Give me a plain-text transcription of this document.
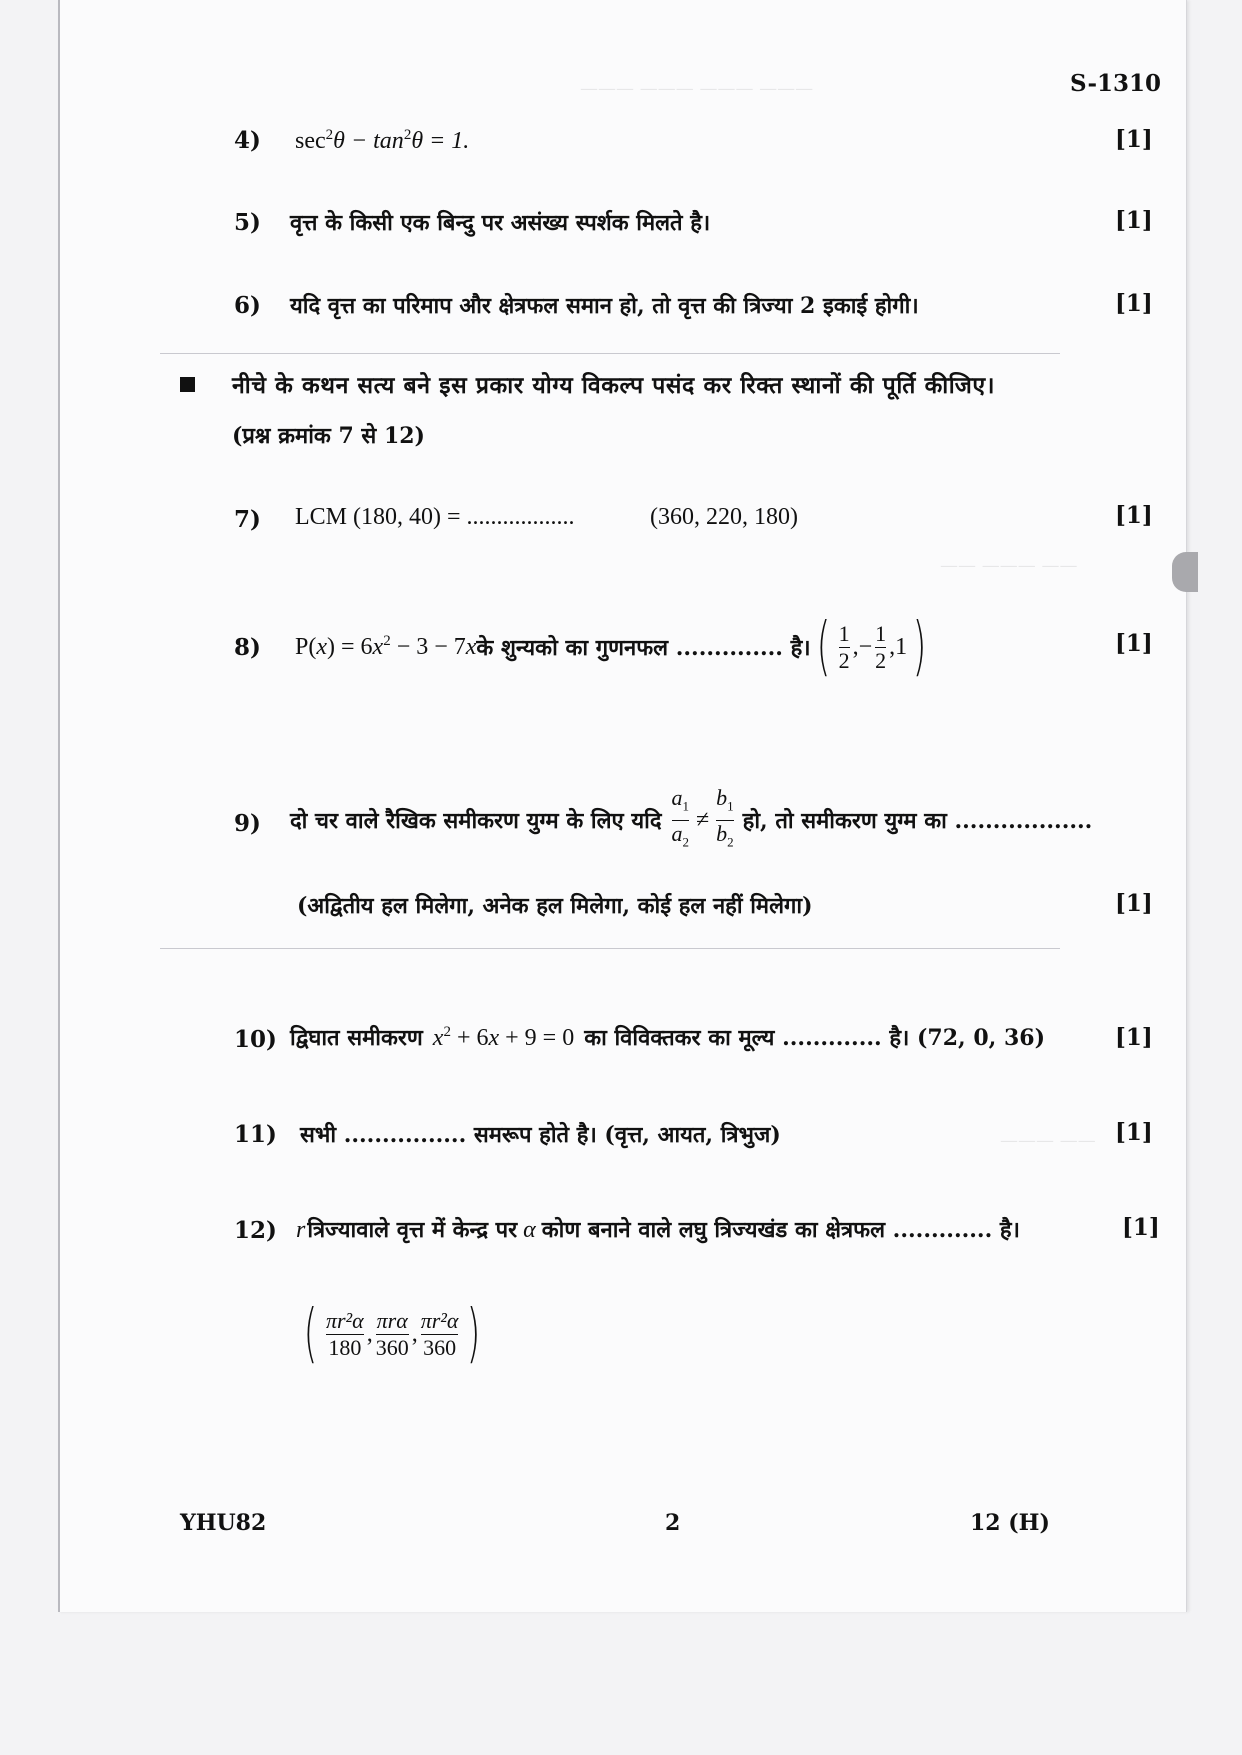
——— ——— ——— ———
—— ——— ——
——— ——
S-1310
4) $\sec^2\theta - \tan^2\theta = 1$.	[1]
5) वृत्त के किसी एक बिन्दु पर असंख्य स्पर्शक मिलते है।	[1]
6) यदि वृत्त का परिमाप और क्षेत्रफल समान हो, तो वृत्त की त्रिज्या 2 इकाई होगी।	[1]
नीचे के कथन सत्य बने इस प्रकार योग्य विकल्प पसंद कर रिक्त स्थानों की पूर्ति कीजिए।
(प्रश्न क्रमांक 7 से 12)
7) LCM (180, 40) = ..................	(360, 220, 180)	[1]
8) $P(x) = 6x^2 - 3 - 7x$ के शुन्यको का गुणनफल .............. है। ( $\frac{1}{2}$ , − $\frac{1}{2}$ , 1 )	[1]
9) दो चर वाले रैखिक समीकरण युग्म के लिए यदि $\frac{a_1}{a_2} \ne \frac{b_1}{b_2}$ हो, तो समीकरण युग्म का ..................
(अद्वितीय हल मिलेगा, अनेक हल मिलेगा, कोई हल नहीं मिलेगा)	[1]
10) द्विघात समीकरण $x^2 + 6x + 9 = 0$ का विविक्तकर का मूल्य ............. है। (72, 0, 36)	[1]
11) सभी ................ समरूप होते है। (वृत्त, आयत, त्रिभुज)	[1]
12) r त्रिज्यावाले वृत्त में केन्द्र पर α कोण बनाने वाले लघु त्रिज्यखंड का क्षेत्रफल ............. है।	[1]
( $\frac{\text{πr²α}}{180}$ , $\frac{\text{πrα}}{360}$ , $\frac{\text{πr²α}}{360}$ )
YHU82	2	12 (H)
